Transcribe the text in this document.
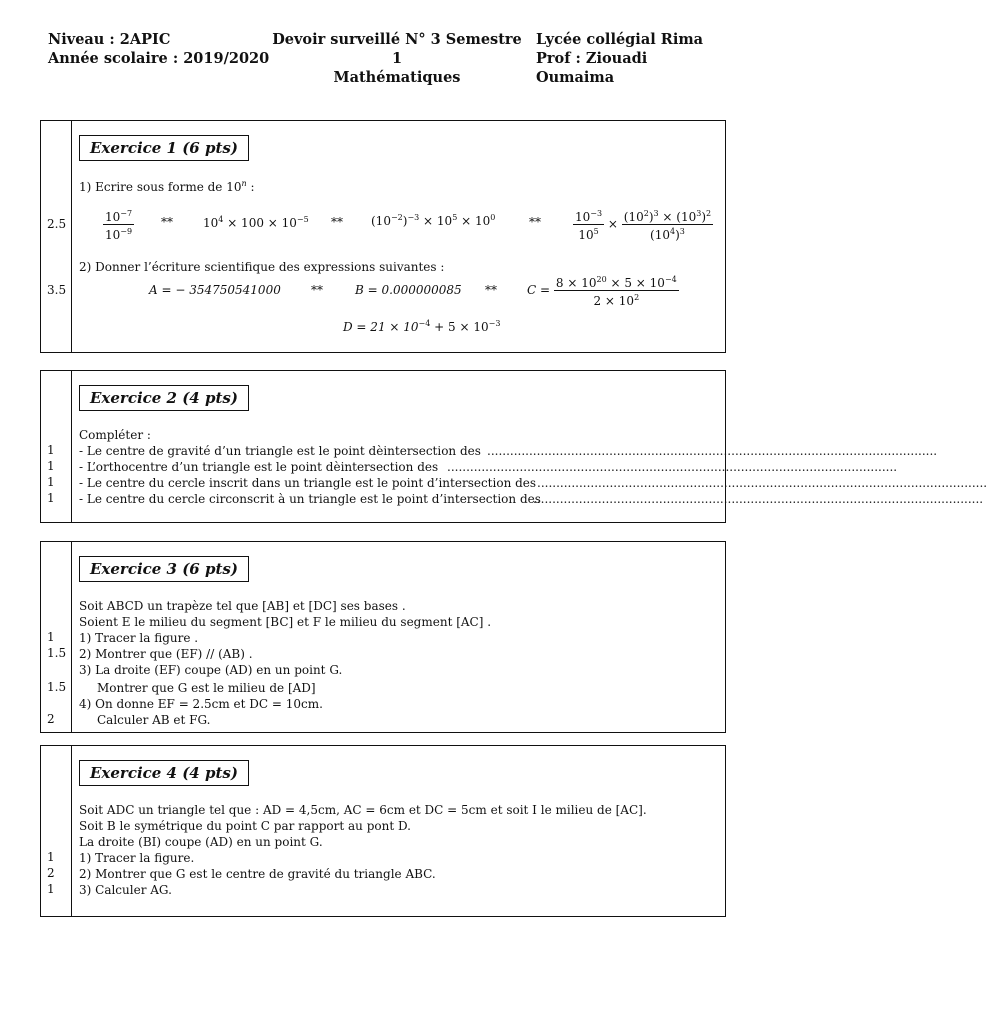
Niveau : 2APIC
Année scolaire : 2019/2020
Devoir surveillé N° 3 Semestre 1
Mathématiques
Lycée collégial Rima
Prof : Ziouadi Oumaima
2.5
3.5
Exercice 1 (6 pts)
1) Ecrire sous forme de 10$^n$ :
$\frac{10^{-7}}{10^{-9}}$ **	$10^4 \times 100 \times 10^{-5} ** (10^{-2})^{-3} \times 10^5 \times 10^0$	**	$\frac{10^{-3}}{10^5} \times \frac{(10^2)^3 \times (10^3)^2}{(10^4)^3}$
2) Donner l’écriture scientifique des expressions suivantes :
A = − 354750541000	**	B = 0.000000085 **	$C = \frac{8 \times 10^{20} \times 5 \times 10^{-4}}{2 \times 10^2}$
$D = 21 \times 10^{-4} + 5 \times 10^{-3}$
1
1
1
1
Exercice 2 (4 pts)
Compléter :
- Le centre de gravité d’un triangle est le point dèintersection des ......................................................................................................................
- L’orthocentre d’un triangle est le point dèintersection des ......................................................................................................................
- Le centre du cercle inscrit dans un triangle est le point d’intersection des ......................................................................................................................
- Le centre du cercle circonscrit à un triangle est le point d’intersection des
......................................................................................................................
1
1.5
1.5
2
Exercice 3 (6 pts)
Soit ABCD un trapèze tel que [AB] et [DC] ses bases .
Soient E le milieu du segment [BC] et F le milieu du segment [AC] .
1) Tracer la figure .
2) Montrer que (EF) // (AB) .
3) La droite (EF) coupe (AD) en un point G.
Montrer que G est le milieu de [AD]
4) On donne EF = 2.5cm et DC = 10cm.
Calculer AB et FG.
1
2
1
Exercice 4 (4 pts)
Soit ADC un triangle tel que : AD = 4,5cm, AC = 6cm et DC = 5cm et soit I le milieu de [AC].
Soit B le symétrique du point C par rapport au pont D.
La droite (BI) coupe (AD) en un point G.
1) Tracer la figure.
2) Montrer que G est le centre de gravité du triangle ABC.
3) Calculer AG.
